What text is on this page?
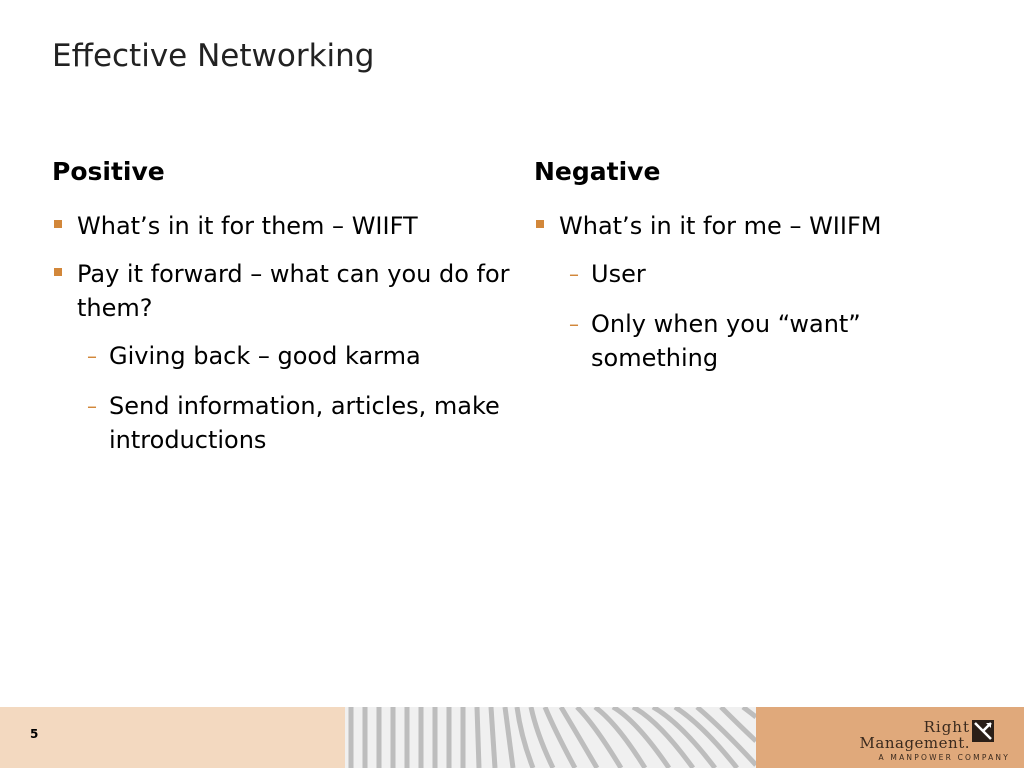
Effective Networking
Positive
What’s in it for them – WIIFT
Pay it forward – what can you do for them?
– Giving back – good karma
– Send information, articles, make introductions
Negative
What’s in it for me – WIIFM
– User
– Only when you “want” something
5	Right
Management.
A MANPOWER COMPANY
